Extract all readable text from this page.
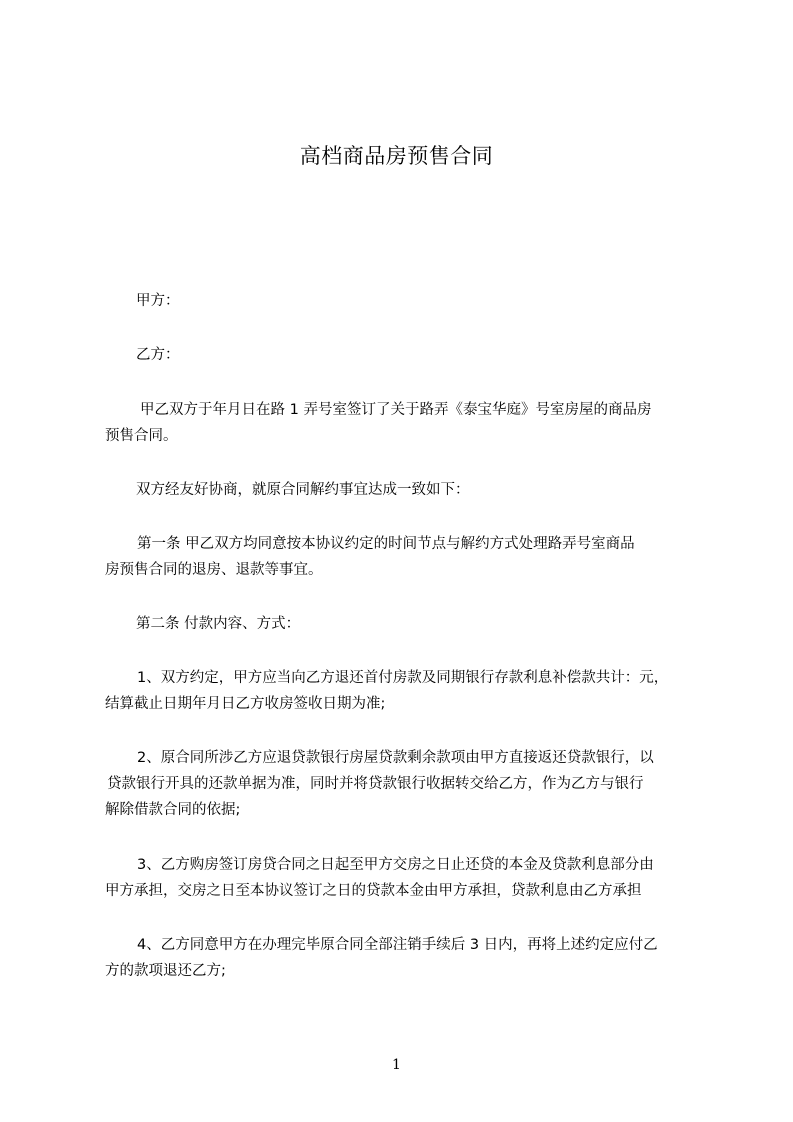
高档商品房预售合同
甲方：
乙方：
甲乙双方于年月日在路 1 弄号室签订了关于路弄《泰宝华庭》号室房屋的商品房
预售合同。
双方经友好协商，就原合同解约事宜达成一致如下：
第一条 甲乙双方均同意按本协议约定的时间节点与解约方式处理路弄号室商品
房预售合同的退房、退款等事宜。
第二条 付款内容、方式：
1、双方约定，甲方应当向乙方退还首付房款及同期银行存款利息补偿款共计：元，
结算截止日期年月日乙方收房签收日期为准;
2、原合同所涉乙方应退贷款银行房屋贷款剩余款项由甲方直接返还贷款银行，以
贷款银行开具的还款单据为准，同时并将贷款银行收据转交给乙方，作为乙方与银行
解除借款合同的依据;
3、乙方购房签订房贷合同之日起至甲方交房之日止还贷的本金及贷款利息部分由
甲方承担，交房之日至本协议签订之日的贷款本金由甲方承担，贷款利息由乙方承担
4、乙方同意甲方在办理完毕原合同全部注销手续后 3 日内，再将上述约定应付乙
方的款项退还乙方;
1
